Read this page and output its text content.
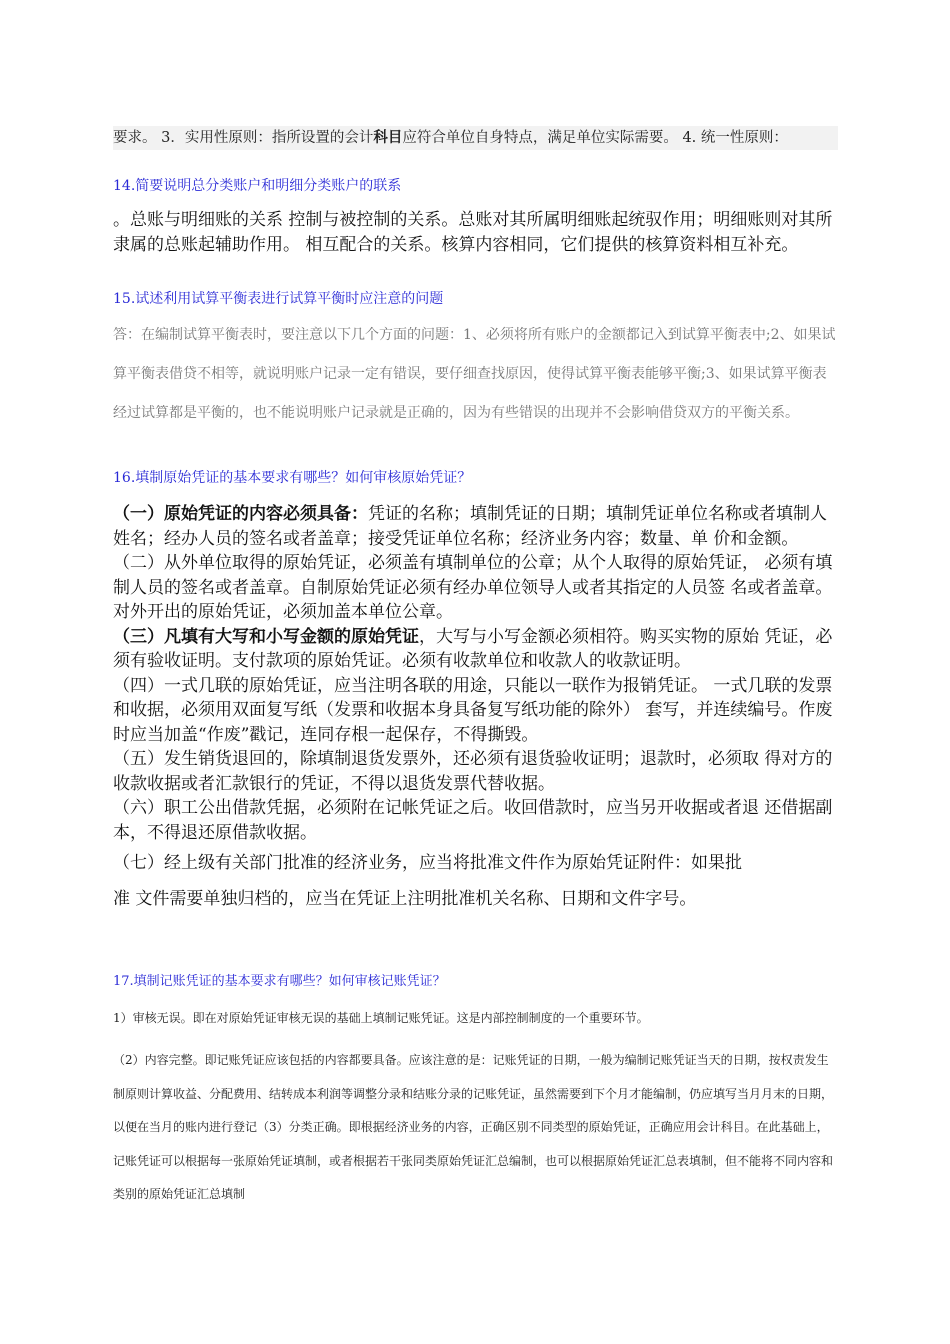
要求。 3．实用性原则：指所设置的会计科目应符合单位自身特点，满足单位实际需要。 4. 统一性原则：
14.简要说明总分类账户和明细分类账户的联系
。总账与明细账的关系 控制与被控制的关系。总账对其所属明细账起统驭作用；明细账则对其所隶属的总账起辅助作用。 相互配合的关系。核算内容相同，它们提供的核算资料相互补充。
15.试述利用试算平衡表进行试算平衡时应注意的问题
答：在编制试算平衡表时，要注意以下几个方面的问题：1、必须将所有账户的金额都记入到试算平衡表中;2、如果试算平衡表借贷不相等，就说明账户记录一定有错误，要仔细查找原因，使得试算平衡表能够平衡;3、如果试算平衡表经过试算都是平衡的，也不能说明账户记录就是正确的，因为有些错误的出现并不会影响借贷双方的平衡关系。
16.填制原始凭证的基本要求有哪些？如何审核原始凭证？
（一）原始凭证的内容必须具备：凭证的名称；填制凭证的日期；填制凭证单位名称或者填制人姓名；经办人员的签名或者盖章；接受凭证单位名称；经济业务内容；数量、单 价和金额。
（二）从外单位取得的原始凭证，必须盖有填制单位的公章；从个人取得的原始凭证， 必须有填制人员的签名或者盖章。自制原始凭证必须有经办单位领导人或者其指定的人员签 名或者盖章。对外开出的原始凭证，必须加盖本单位公章。
（三）凡填有大写和小写金额的原始凭证，大写与小写金额必须相符。购买实物的原始 凭证，必须有验收证明。支付款项的原始凭证。必须有收款单位和收款人的收款证明。
（四）一式几联的原始凭证，应当注明各联的用途，只能以一联作为报销凭证。 一式几联的发票和收据，必须用双面复写纸（发票和收据本身具备复写纸功能的除外） 套写，并连续编号。作废时应当加盖“作废”戳记，连同存根一起保存，不得撕毁。
（五）发生销货退回的，除填制退货发票外，还必须有退货验收证明；退款时，必须取 得对方的收款收据或者汇款银行的凭证，不得以退货发票代替收据。
（六）职工公出借款凭据，必须附在记帐凭证之后。收回借款时，应当另开收据或者退 还借据副本，不得退还原借款收据。
（七）经上级有关部门批准的经济业务，应当将批准文件作为原始凭证附件：如果批
准 文件需要单独归档的，应当在凭证上注明批准机关名称、日期和文件字号。
17.填制记账凭证的基本要求有哪些？如何审核记账凭证？
1）审核无误。即在对原始凭证审核无误的基础上填制记账凭证。这是内部控制制度的一个重要环节。
（2）内容完整。即记账凭证应该包括的内容都要具备。应该注意的是：记账凭证的日期，一般为编制记账凭证当天的日期，按权责发生制原则计算收益、分配费用、结转成本利润等调整分录和结账分录的记账凭证，虽然需要到下个月才能编制，仍应填写当月月末的日期，以便在当月的账内进行登记（3）分类正确。即根据经济业务的内容，正确区别不同类型的原始凭证，正确应用会计科目。在此基础上，记账凭证可以根据每一张原始凭证填制，或者根据若干张同类原始凭证汇总编制，也可以根据原始凭证汇总表填制，但不能将不同内容和类别的原始凭证汇总填制
